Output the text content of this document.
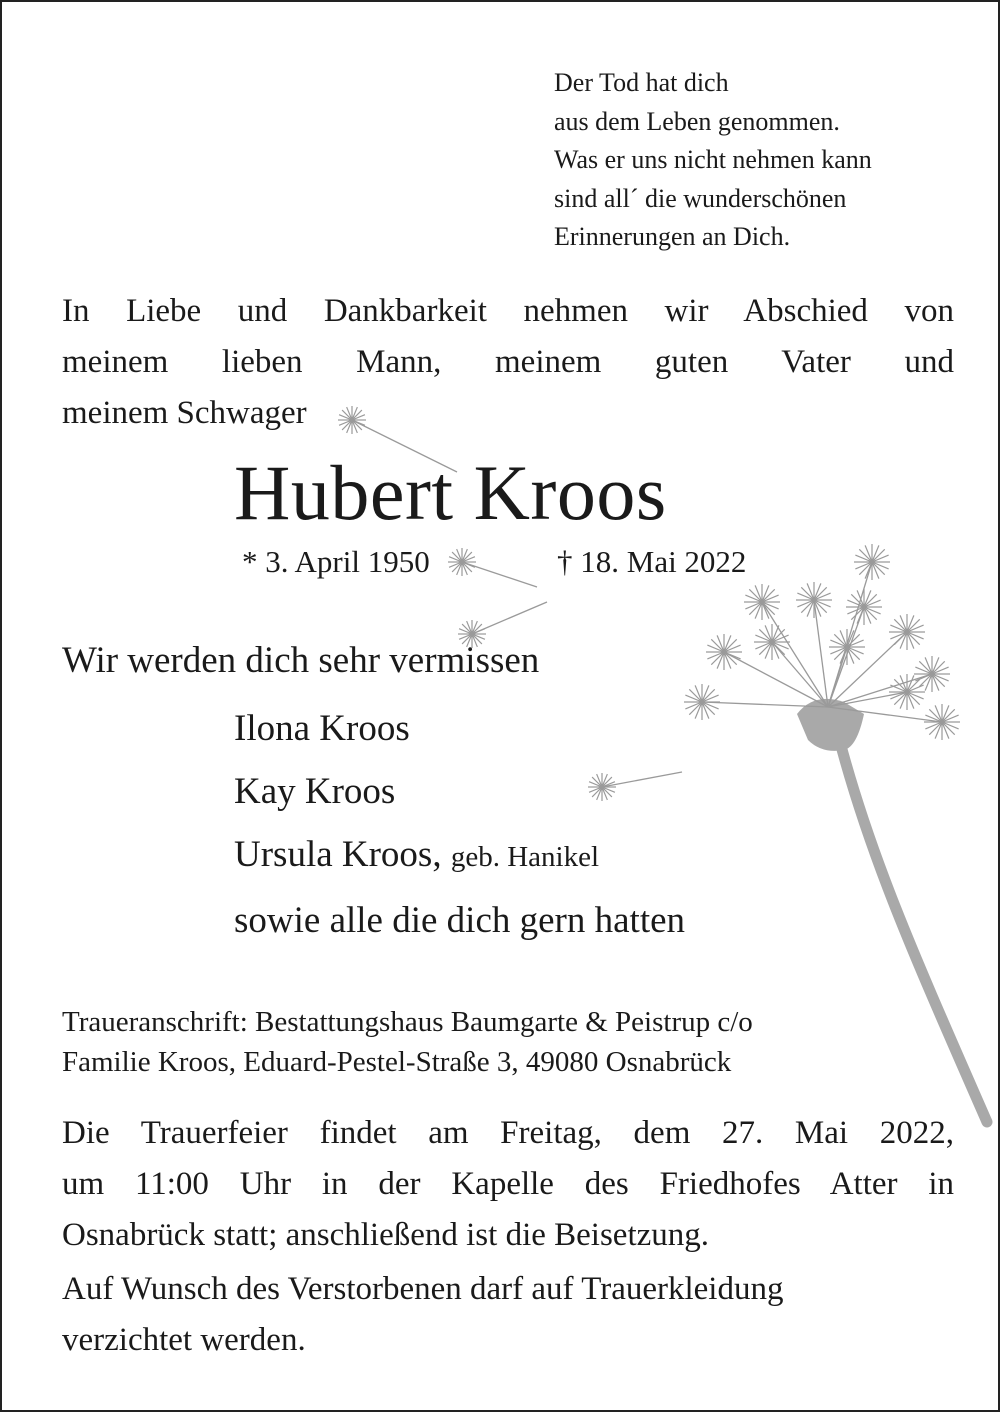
Der Tod hat dich
aus dem Leben genommen.
Was er uns nicht nehmen kann
sind all´ die wunderschönen
Erinnerungen an Dich.
In Liebe und Dankbarkeit nehmen wir Abschied von
meinem lieben Mann, meinem guten Vater und
meinem Schwager
Hubert Kroos
* 3. April 1950	† 18. Mai 2022
Wir werden dich sehr vermissen
Ilona Kroos
Kay Kroos
Ursula Kroos, geb. Hanikel
sowie alle die dich gern hatten
Traueranschrift: Bestattungshaus Baumgarte & Peistrup c/o
Familie Kroos, Eduard-Pestel-Straße 3, 49080 Osnabrück
Die Trauerfeier findet am Freitag, dem 27. Mai 2022,
um 11:00 Uhr in der Kapelle des Friedhofes Atter in
Osnabrück statt; anschließend ist die Beisetzung.
Auf Wunsch des Verstorbenen darf auf Trauerkleidung
verzichtet werden.
